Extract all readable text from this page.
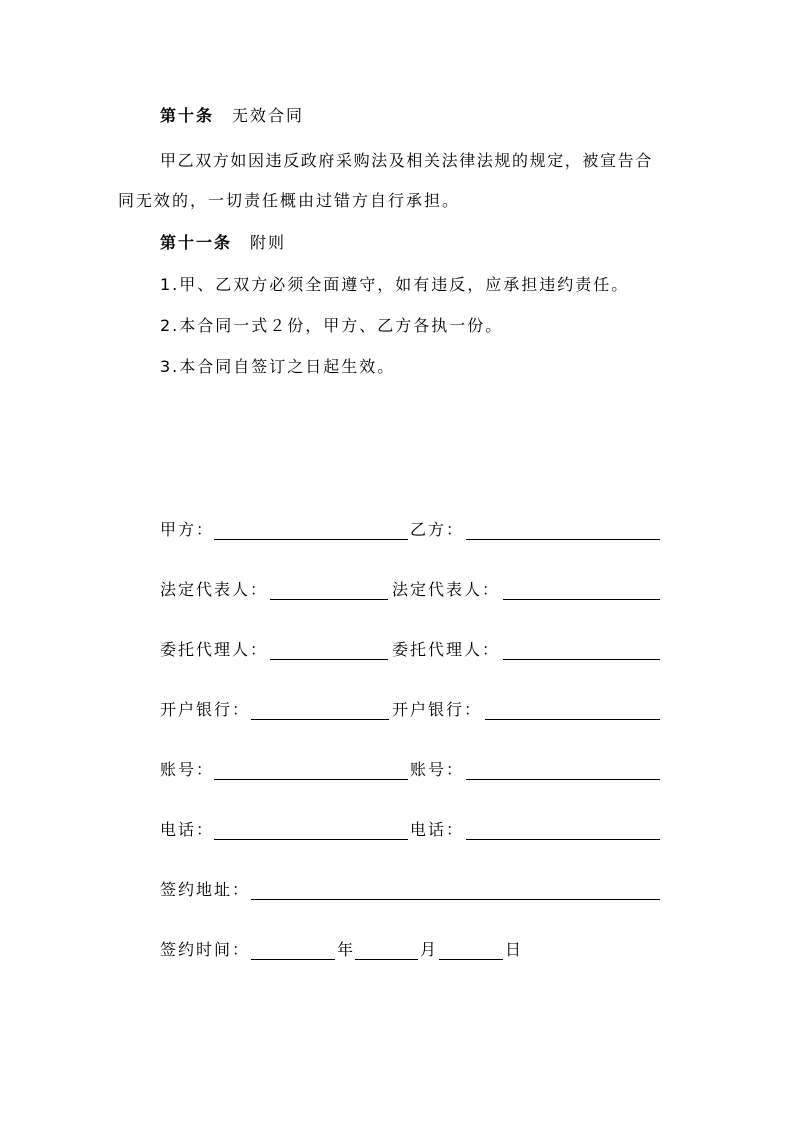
第十条 无效合同
甲乙双方如因违反政府采购法及相关法律法规的规定，被宣告合
同无效的，一切责任概由过错方自行承担。
第十一条 附则
1.甲、乙双方必须全面遵守，如有违反，应承担违约责任。
2.本合同一式２份，甲方、乙方各执一份。
3.本合同自签订之日起生效。
甲方：	乙方：
法定代表人：	法定代表人：
委托代理人：	委托代理人：
开户银行：	开户银行：
账号：	账号：
电话：	电话：
签约地址：
签约时间：	年	月	日
